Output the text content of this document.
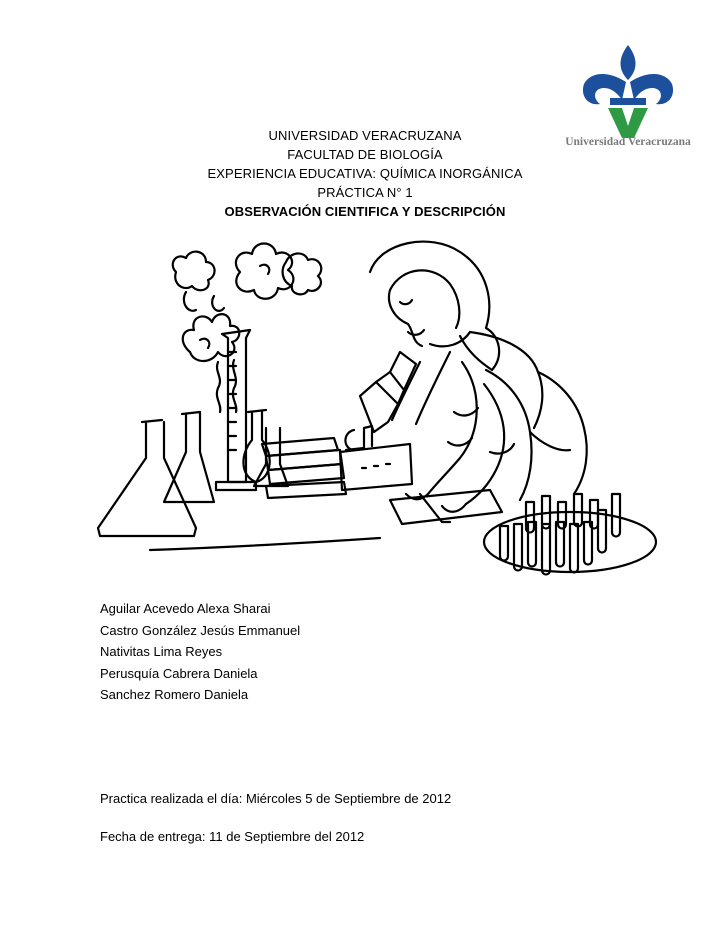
Universidad Veracruzana
UNIVERSIDAD VERACRUZANA
FACULTAD DE BIOLOGÍA
EXPERIENCIA EDUCATIVA: QUÍMICA INORGÁNICA
PRÁCTICA N° 1
OBSERVACIÓN CIENTIFICA Y DESCRIPCIÓN
Aguilar Acevedo Alexa Sharai
Castro González Jesús Emmanuel
Nativitas Lima Reyes
Perusquía Cabrera Daniela
Sanchez Romero Daniela
Practica realizada el día: Miércoles 5 de Septiembre de 2012
Fecha de entrega: 11 de Septiembre del 2012
